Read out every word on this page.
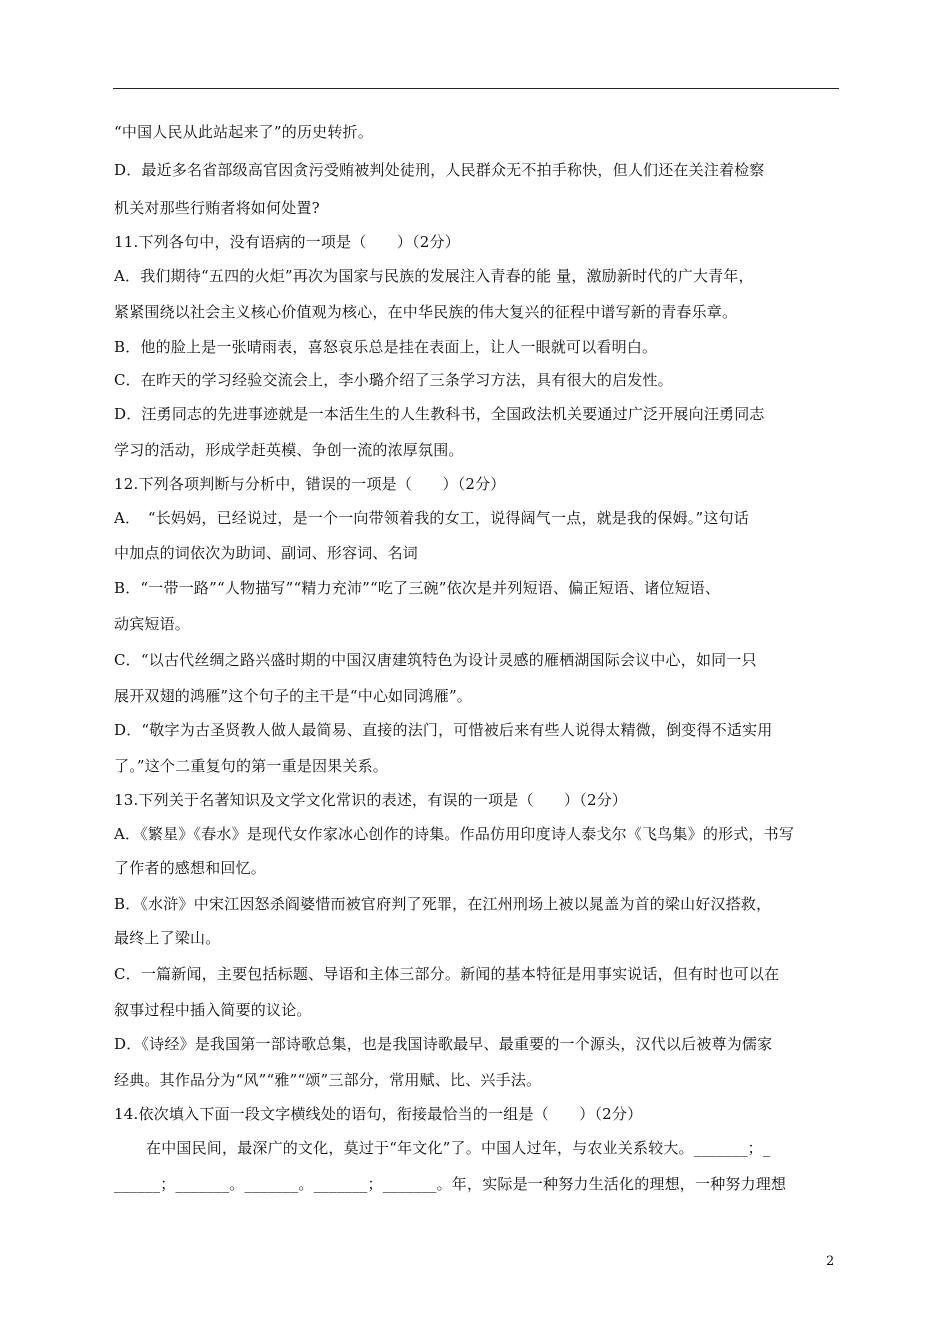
“中国人民从此站起来了”的历史转折。
D．最近多名省部级高官因贪污受贿被判处徒刑，人民群众无不拍手称快，但人们还在关注着检察
机关对那些行贿者将如何处置?
11.下列各句中，没有语病的一项是（　　）（2分）
A．我们期待“五四的火炬”再次为国家与民族的发展注入青春的能 量，激励新时代的广大青年，
紧紧围绕以社会主义核心价值观为核心，在中华民族的伟大复兴的征程中谱写新的青春乐章。
B．他的脸上是一张晴雨表，喜怒哀乐总是挂在表面上，让人一眼就可以看明白。
C．在昨天的学习经验交流会上，李小璐介绍了三条学习方法，具有很大的启发性。
D．汪勇同志的先进事迹就是一本活生生的人生教科书，全国政法机关要通过广泛开展向汪勇同志
学习的活动，形成学赶英模、争创一流的浓厚氛围。
12.下列各项判断与分析中，错误的一项是（　　）（2分）
A．　“长妈妈，已经说过，是一个一向带领着我的女工，说得阔气一点，就是我的保姆。”这句话
中加点的词依次为助词、副词、形容词、名词
B．“一带一路”“人物描写”“精力充沛”“吃了三碗”依次是并列短语、偏正短语、诸位短语、
动宾短语。
C．“以古代丝绸之路兴盛时期的中国汉唐建筑特色为设计灵感的雁栖湖国际会议中心，如同一只
展开双翅的鸿雁”这个句子的主干是“中心如同鸿雁”。
D．“敬字为古圣贤教人做人最简易、直接的法门，可惜被后来有些人说得太精微，倒变得不适实用
了。”这个二重复句的第一重是因果关系。
13.下列关于名著知识及文学文化常识的表述，有误的一项是（　　）（2分）
A．《繁星》《春水》是现代女作家冰心创作的诗集。作品仿用印度诗人泰戈尔《飞鸟集》的形式，书写
了作者的感想和回忆。
B．《水浒》中宋江因怒杀阎婆惜而被官府判了死罪，在江州刑场上被以晁盖为首的梁山好汉搭救，
最终上了梁山。
C．一篇新闻，主要包括标题、导语和主体三部分。新闻的基本特征是用事实说话，但有时也可以在
叙事过程中插入简要的议论。
D．《诗经》是我国第一部诗歌总集，也是我国诗歌最早、最重要的一个源头，汉代以后被尊为儒家
经典。其作品分为“风”“雅”“颂”三部分，常用赋、比、兴手法。
14.依次填入下面一段文字横线处的语句，衔接最恰当的一组是（　　）（2分）
在中国民间，最深广的文化，莫过于“年文化”了。中国人过年，与农业关系较大。_______；_
______；_______。_______。_______；_______。年，实际是一种努力生活化的理想，一种努力理想
2
